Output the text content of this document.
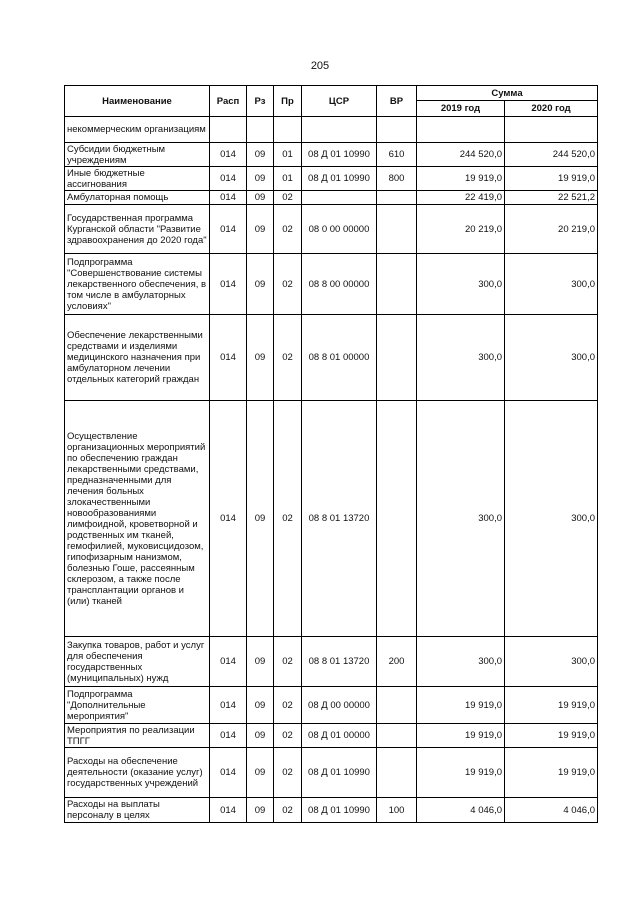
205
Наименование	Расп	Рз	Пр	ЦСР	ВР	Сумма	
						2019 год	2020 год
некоммерческим организациям							
Субсидии бюджетным учреждениям	014	09	01	08 Д 01 10990	610	244 520,0	244 520,0
Иные бюджетные ассигнования	014	09	01	08 Д 01 10990	800	19 919,0	19 919,0
Амбулаторная помощь	014	09	02			22 419,0	22 521,2
Государственная программа Курганской области "Развитие здравоохранения до 2020 года"	014	09	02	08 0 00 00000		20 219,0	20 219,0
Подпрограмма "Совершенствование системы лекарственного обеспечения, в том числе в амбулаторных условиях"	014	09	02	08 8 00 00000		300,0	300,0
Обеспечение лекарственными средствами и изделиями медицинского назначения при амбулаторном лечении отдельных категорий граждан	014	09	02	08 8 01 00000		300,0	300,0
Осуществление организационных мероприятий по обеспечению граждан лекарственными средствами, предназначенными для лечения больных злокачественными новообразованиями лимфоидной, кроветворной и родственных им тканей, гемофилией, муковисцидозом, гипофизарным нанизмом, болезнью Гоше, рассеянным склерозом, а также после трансплантации органов и (или) тканей	014	09	02	08 8 01 13720		300,0	300,0
Закупка товаров, работ и услуг для обеспечения государственных (муниципальных) нужд	014	09	02	08 8 01 13720	200	300,0	300,0
Подпрограмма "Дополнительные мероприятия"	014	09	02	08 Д 00 00000		19 919,0	19 919,0
Мероприятия по реализации ТПГГ	014	09	02	08 Д 01 00000		19 919,0	19 919,0
Расходы на обеспечение деятельности (оказание услуг) государственных учреждений	014	09	02	08 Д 01 10990		19 919,0	19 919,0
Расходы на выплаты персоналу в целях	014	09	02	08 Д 01 10990	100	4 046,0	4 046,0
